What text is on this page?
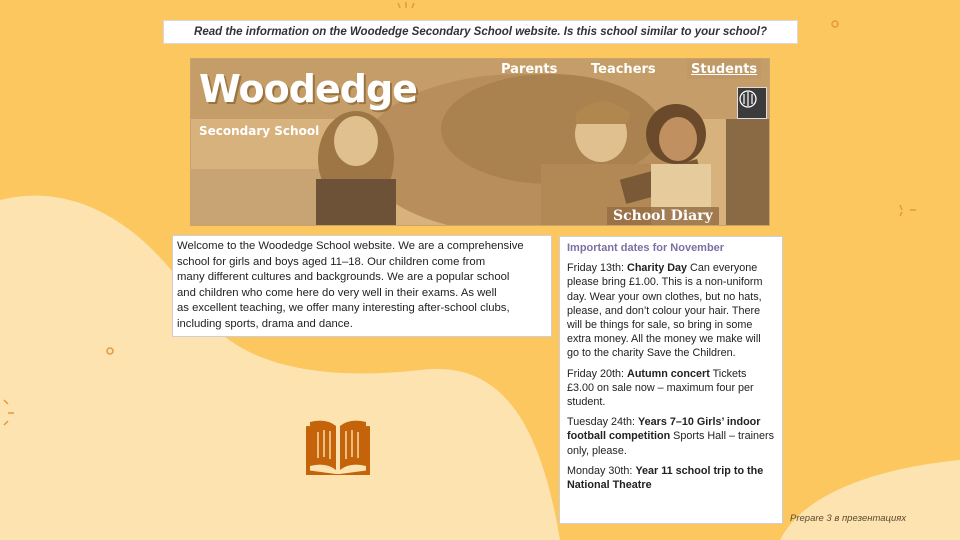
Read the information on the Woodedge Secondary School website. Is this school similar to your school?
Woodedge
Secondary School
Parents	Teachers	Students
School Diary
Welcome to the Woodedge School website. We are a comprehensive
school for girls and boys aged 11–18. Our children come from
many different cultures and backgrounds. We are a popular school
and children who come here do very well in their exams. As well
as excellent teaching, we offer many interesting after-school clubs,
including sports, drama and dance.
Important dates for November

Friday 13th: Charity Day Can everyone please bring £1.00. This is a non-uniform day. Wear your own clothes, but no hats, please, and don’t colour your hair. There will be things for sale, so bring in some extra money. All the money we make will go to the charity Save the Children.

Friday 20th: Autumn concert Tickets £3.00 on sale now – maximum four per student.

Tuesday 24th: Years 7–10 Girls’ indoor football competition Sports Hall – trainers only, please.

Monday 30th: Year 11 school trip to the National Theatre

Prepare 3 в презентациях
